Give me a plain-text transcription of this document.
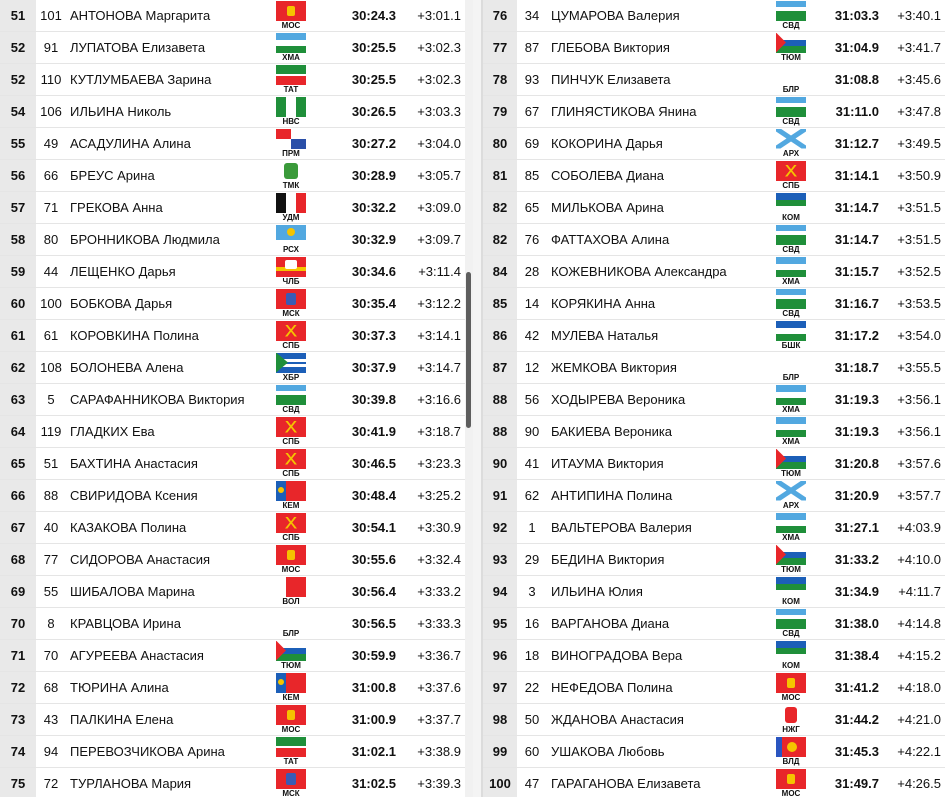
51	101	АНТОНОВА Маргарита	МОС	30:24.3	+3:01.1
52	91	ЛУПАТОВА Елизавета	ХМА	30:25.5	+3:02.3
52	110	КУТЛУМБАЕВА Зарина	ТАТ	30:25.5	+3:02.3
54	106	ИЛЬИНА Николь	НВС	30:26.5	+3:03.3
55	49	АСАДУЛИНА Алина	ПРМ	30:27.2	+3:04.0
56	66	БРЕУС Арина	ТМК	30:28.9	+3:05.7
57	71	ГРЕКОВА Анна	УДМ	30:32.2	+3:09.0
58	80	БРОННИКОВА Людмила	РСХ	30:32.9	+3:09.7
59	44	ЛЕЩЕНКО Дарья	ЧЛБ	30:34.6	+3:11.4
60	100	БОБКОВА Дарья	МСК	30:35.4	+3:12.2
61	61	КОРОВКИНА Полина	СПБ	30:37.3	+3:14.1
62	108	БОЛОНЕВА Алена	ХБР	30:37.9	+3:14.7
63	5	САРАФАННИКОВА Виктория	СВД	30:39.8	+3:16.6
64	119	ГЛАДКИХ Ева	СПБ	30:41.9	+3:18.7
65	51	БАХТИНА Анастасия	СПБ	30:46.5	+3:23.3
66	88	СВИРИДОВА Ксения	КЕМ	30:48.4	+3:25.2
67	40	КАЗАКОВА Полина	СПБ	30:54.1	+3:30.9
68	77	СИДОРОВА Анастасия	МОС	30:55.6	+3:32.4
69	55	ШИБАЛОВА Марина	ВОЛ	30:56.4	+3:33.2
70	8	КРАВЦОВА Ирина	БЛР	30:56.5	+3:33.3
71	70	АГУРЕЕВА Анастасия	ТЮМ	30:59.9	+3:36.7
72	68	ТЮРИНА Алина	КЕМ	31:00.8	+3:37.6
73	43	ПАЛКИНА Елена	МОС	31:00.9	+3:37.7
74	94	ПЕРЕВОЗЧИКОВА Арина	ТАТ	31:02.1	+3:38.9
75	72	ТУРЛАНОВА Мария	МСК	31:02.5	+3:39.3
76	34	ЦУМАРОВА Валерия	СВД	31:03.3	+3:40.1
77	87	ГЛЕБОВА Виктория	ТЮМ	31:04.9	+3:41.7
78	93	ПИНЧУК Елизавета	БЛР	31:08.8	+3:45.6
79	67	ГЛИНЯСТИКОВА Янина	СВД	31:11.0	+3:47.8
80	69	КОКОРИНА Дарья	АРХ	31:12.7	+3:49.5
81	85	СОБОЛЕВА Диана	СПБ	31:14.1	+3:50.9
82	65	МИЛЬКОВА Арина	КОМ	31:14.7	+3:51.5
82	76	ФАТТАХОВА Алина	СВД	31:14.7	+3:51.5
84	28	КОЖЕВНИКОВА Александра	ХМА	31:15.7	+3:52.5
85	14	КОРЯКИНА Анна	СВД	31:16.7	+3:53.5
86	42	МУЛЕВА Наталья	БШК	31:17.2	+3:54.0
87	12	ЖЕМКОВА Виктория	БЛР	31:18.7	+3:55.5
88	56	ХОДЫРЕВА Вероника	ХМА	31:19.3	+3:56.1
88	90	БАКИЕВА Вероника	ХМА	31:19.3	+3:56.1
90	41	ИТАУМА Виктория	ТЮМ	31:20.8	+3:57.6
91	62	АНТИПИНА Полина	АРХ	31:20.9	+3:57.7
92	1	ВАЛЬТЕРОВА Валерия	ХМА	31:27.1	+4:03.9
93	29	БЕДИНА Виктория	ТЮМ	31:33.2	+4:10.0
94	3	ИЛЬИНА Юлия	КОМ	31:34.9	+4:11.7
95	16	ВАРГАНОВА Диана	СВД	31:38.0	+4:14.8
96	18	ВИНОГРАДОВА Вера	КОМ	31:38.4	+4:15.2
97	22	НЕФЕДОВА Полина	МОС	31:41.2	+4:18.0
98	50	ЖДАНОВА Анастасия	НЖГ	31:44.2	+4:21.0
99	60	УШАКОВА Любовь	ВЛД	31:45.3	+4:22.1
100	47	ГАРАГАНОВА Елизавета	МОС	31:49.7	+4:26.5
